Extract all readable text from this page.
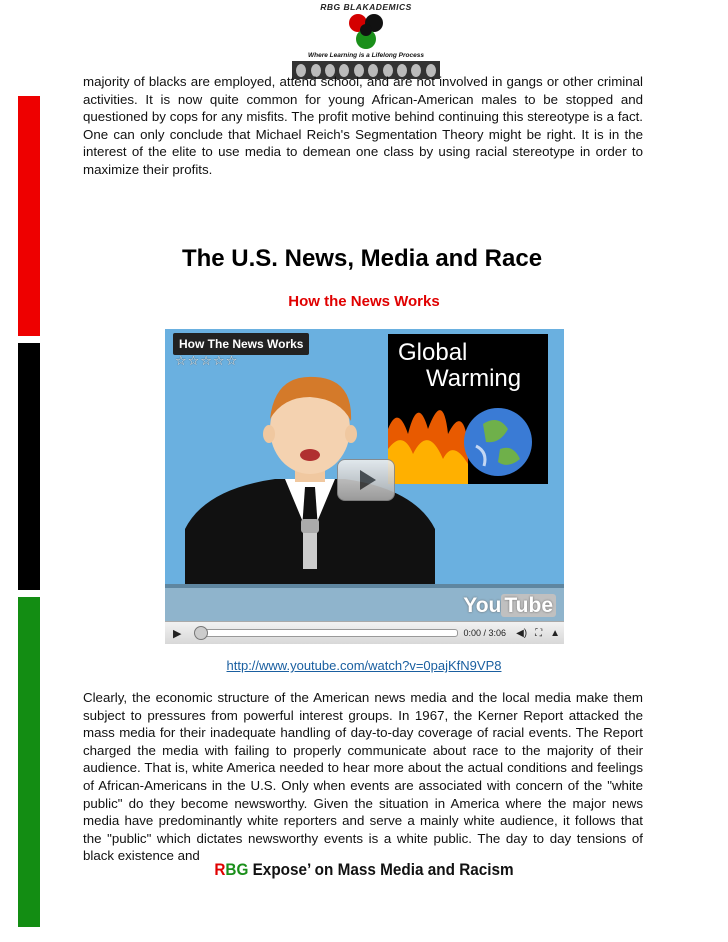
RBG BLAKADEMICS
Where Learning is a Lifelong Process

majority of blacks are employed, attend school, and are not involved in gangs or other criminal activities. It is now quite common for young African-American males to be stopped and questioned by cops for any misfits. The profit motive behind continuing this stereotype is a fact. One can only conclude that Michael Reich's Segmentation Theory might be right. It is in the interest of the elite to use media to demean one class by using racial stereotype in order to maximize their profits.

The U.S. News, Media and Race
How the News Works
How The News Works
☆☆☆☆☆	Global
Warming
You Tube
▶	0:00 / 3:06 ◀) ⛶ ▲
http://www.youtube.com/watch?v=0pajKfN9VP8

Clearly, the economic structure of the American news media and the local media make them subject to pressures from powerful interest groups. In 1967, the Kerner Report attacked the mass media for their inadequate handling of day-to-day coverage of racial events. The Report charged the media with failing to properly communicate about race to the majority of their audience. That is, white America needed to hear more about the actual conditions and feelings of African-Americans in the U.S. Only when events are associated with concern of the "white public" do they become newsworthy. Given the situation in America where the major news media have predominantly white reporters and serve a mainly white audience, it follows that the "public" which dictates newsworthy events is a white public. The day to day tensions of black existence and

RBG Expose’ on Mass Media and Racism
